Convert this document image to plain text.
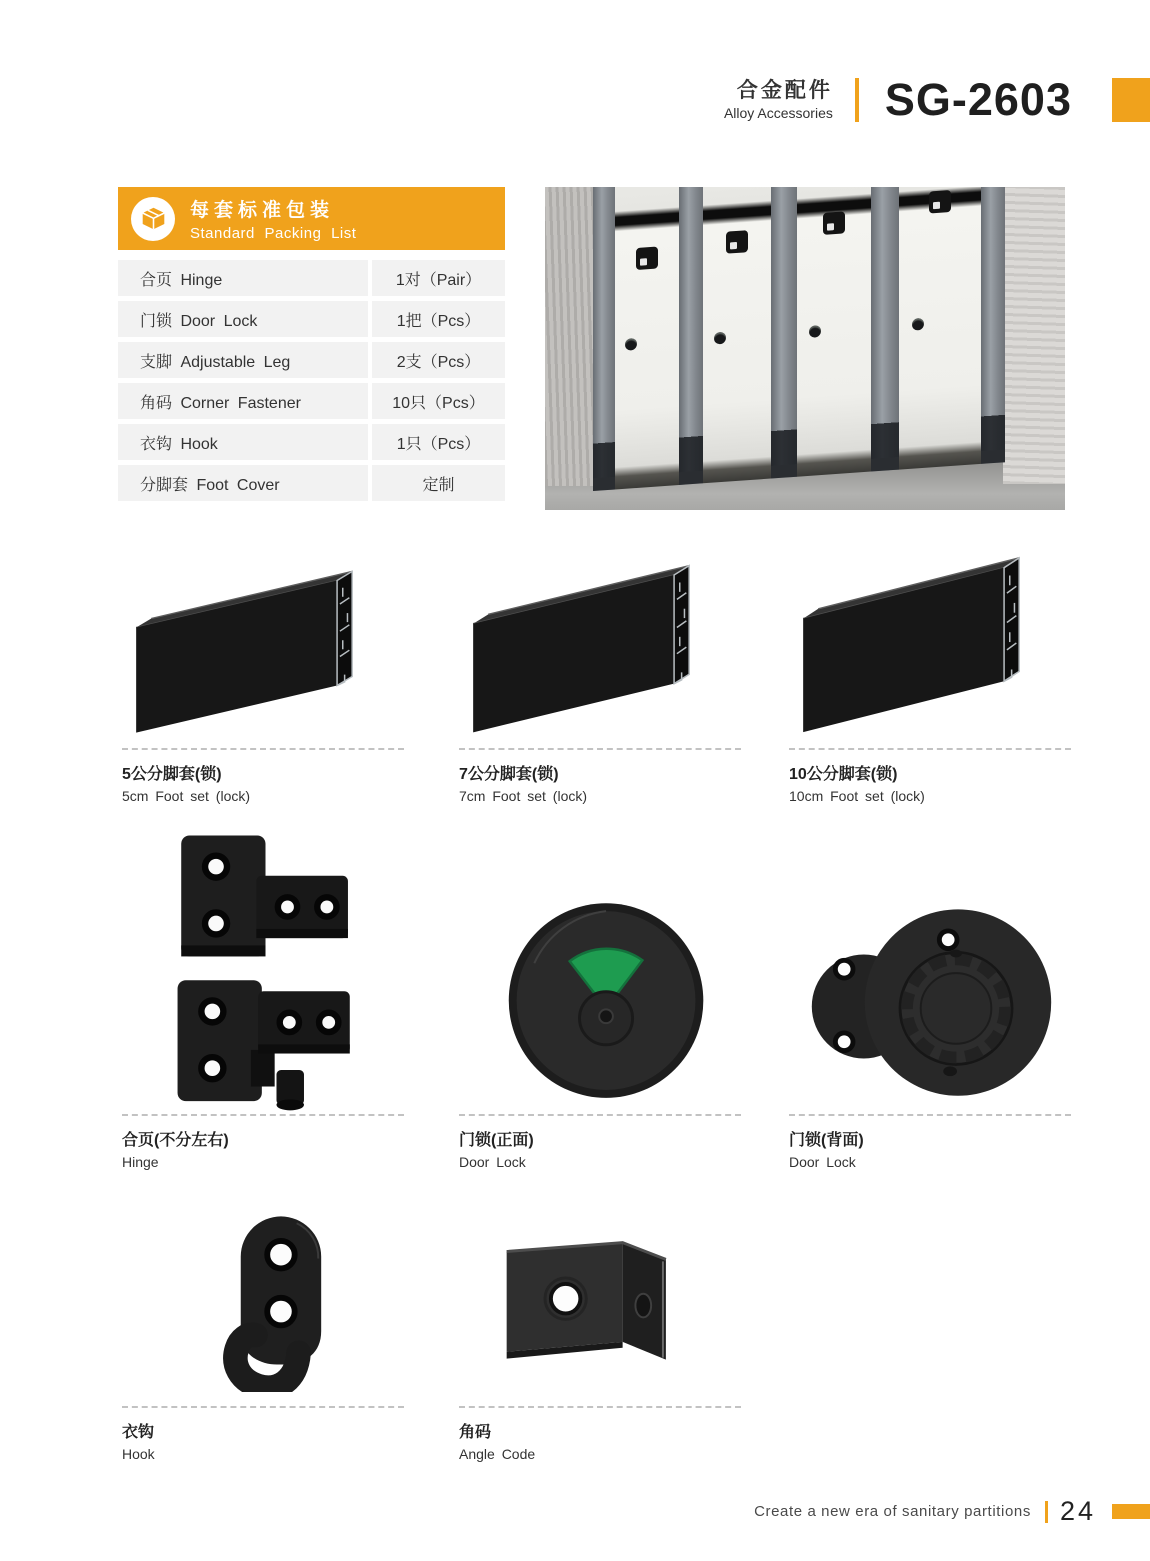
合金配件
Alloy Accessories SG-2603
每套标准包装
Standard Packing List
合页 Hinge	1对（Pair）
门锁 Door Lock	1把（Pcs）
支脚 Adjustable Leg	2支（Pcs）
角码 Corner Fastener	10只（Pcs）
衣钩 Hook	1只（Pcs）
分脚套 Foot Cover	定制
5公分脚套(锁)
5cm Foot set (lock)
7公分脚套(锁)
7cm Foot set (lock)
10公分脚套(锁)
10cm Foot set (lock)
合页(不分左右)
Hinge
门锁(正面)
Door Lock
门锁(背面)
Door Lock
衣钩
Hook
角码
Angle Code
Create a new era of sanitary partitions 24
